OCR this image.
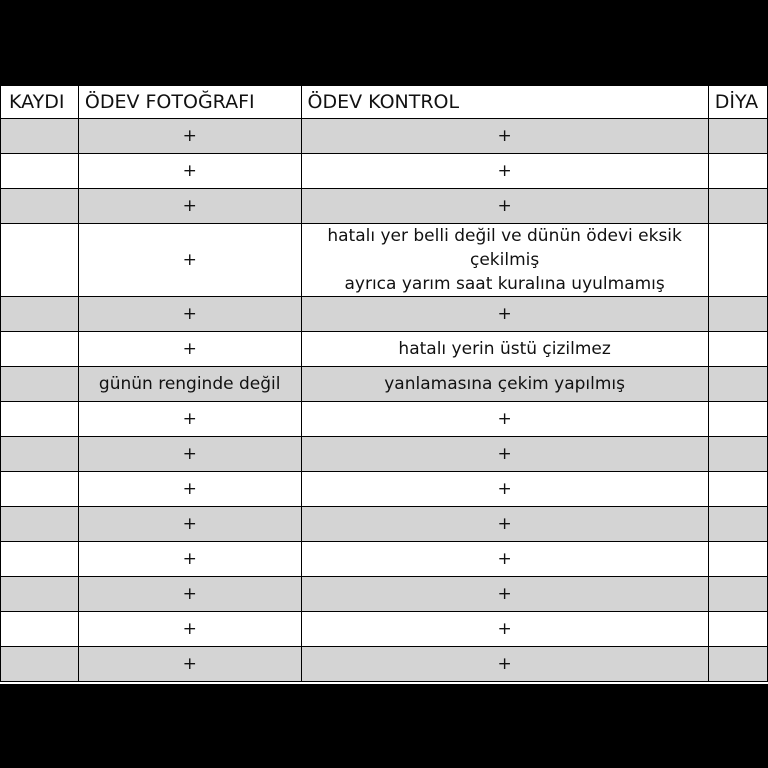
KAYDI	ÖDEV FOTOĞRAFI	ÖDEV KONTROL	DİYA
	+	+	
	+	+	
	+	+	
	+	hatalı yer belli değil ve dünün ödevi eksik çekilmiş
ayrıca yarım saat kuralına uyulmamış	

	+	+	
	+	hatalı yerin üstü çizilmez	
	günün renginde değil	yanlamasına çekim yapılmış	
	+	+	
	+	+	
	+	+	
	+	+	
	+	+	
	+	+	
	+	+	
	+	+	
